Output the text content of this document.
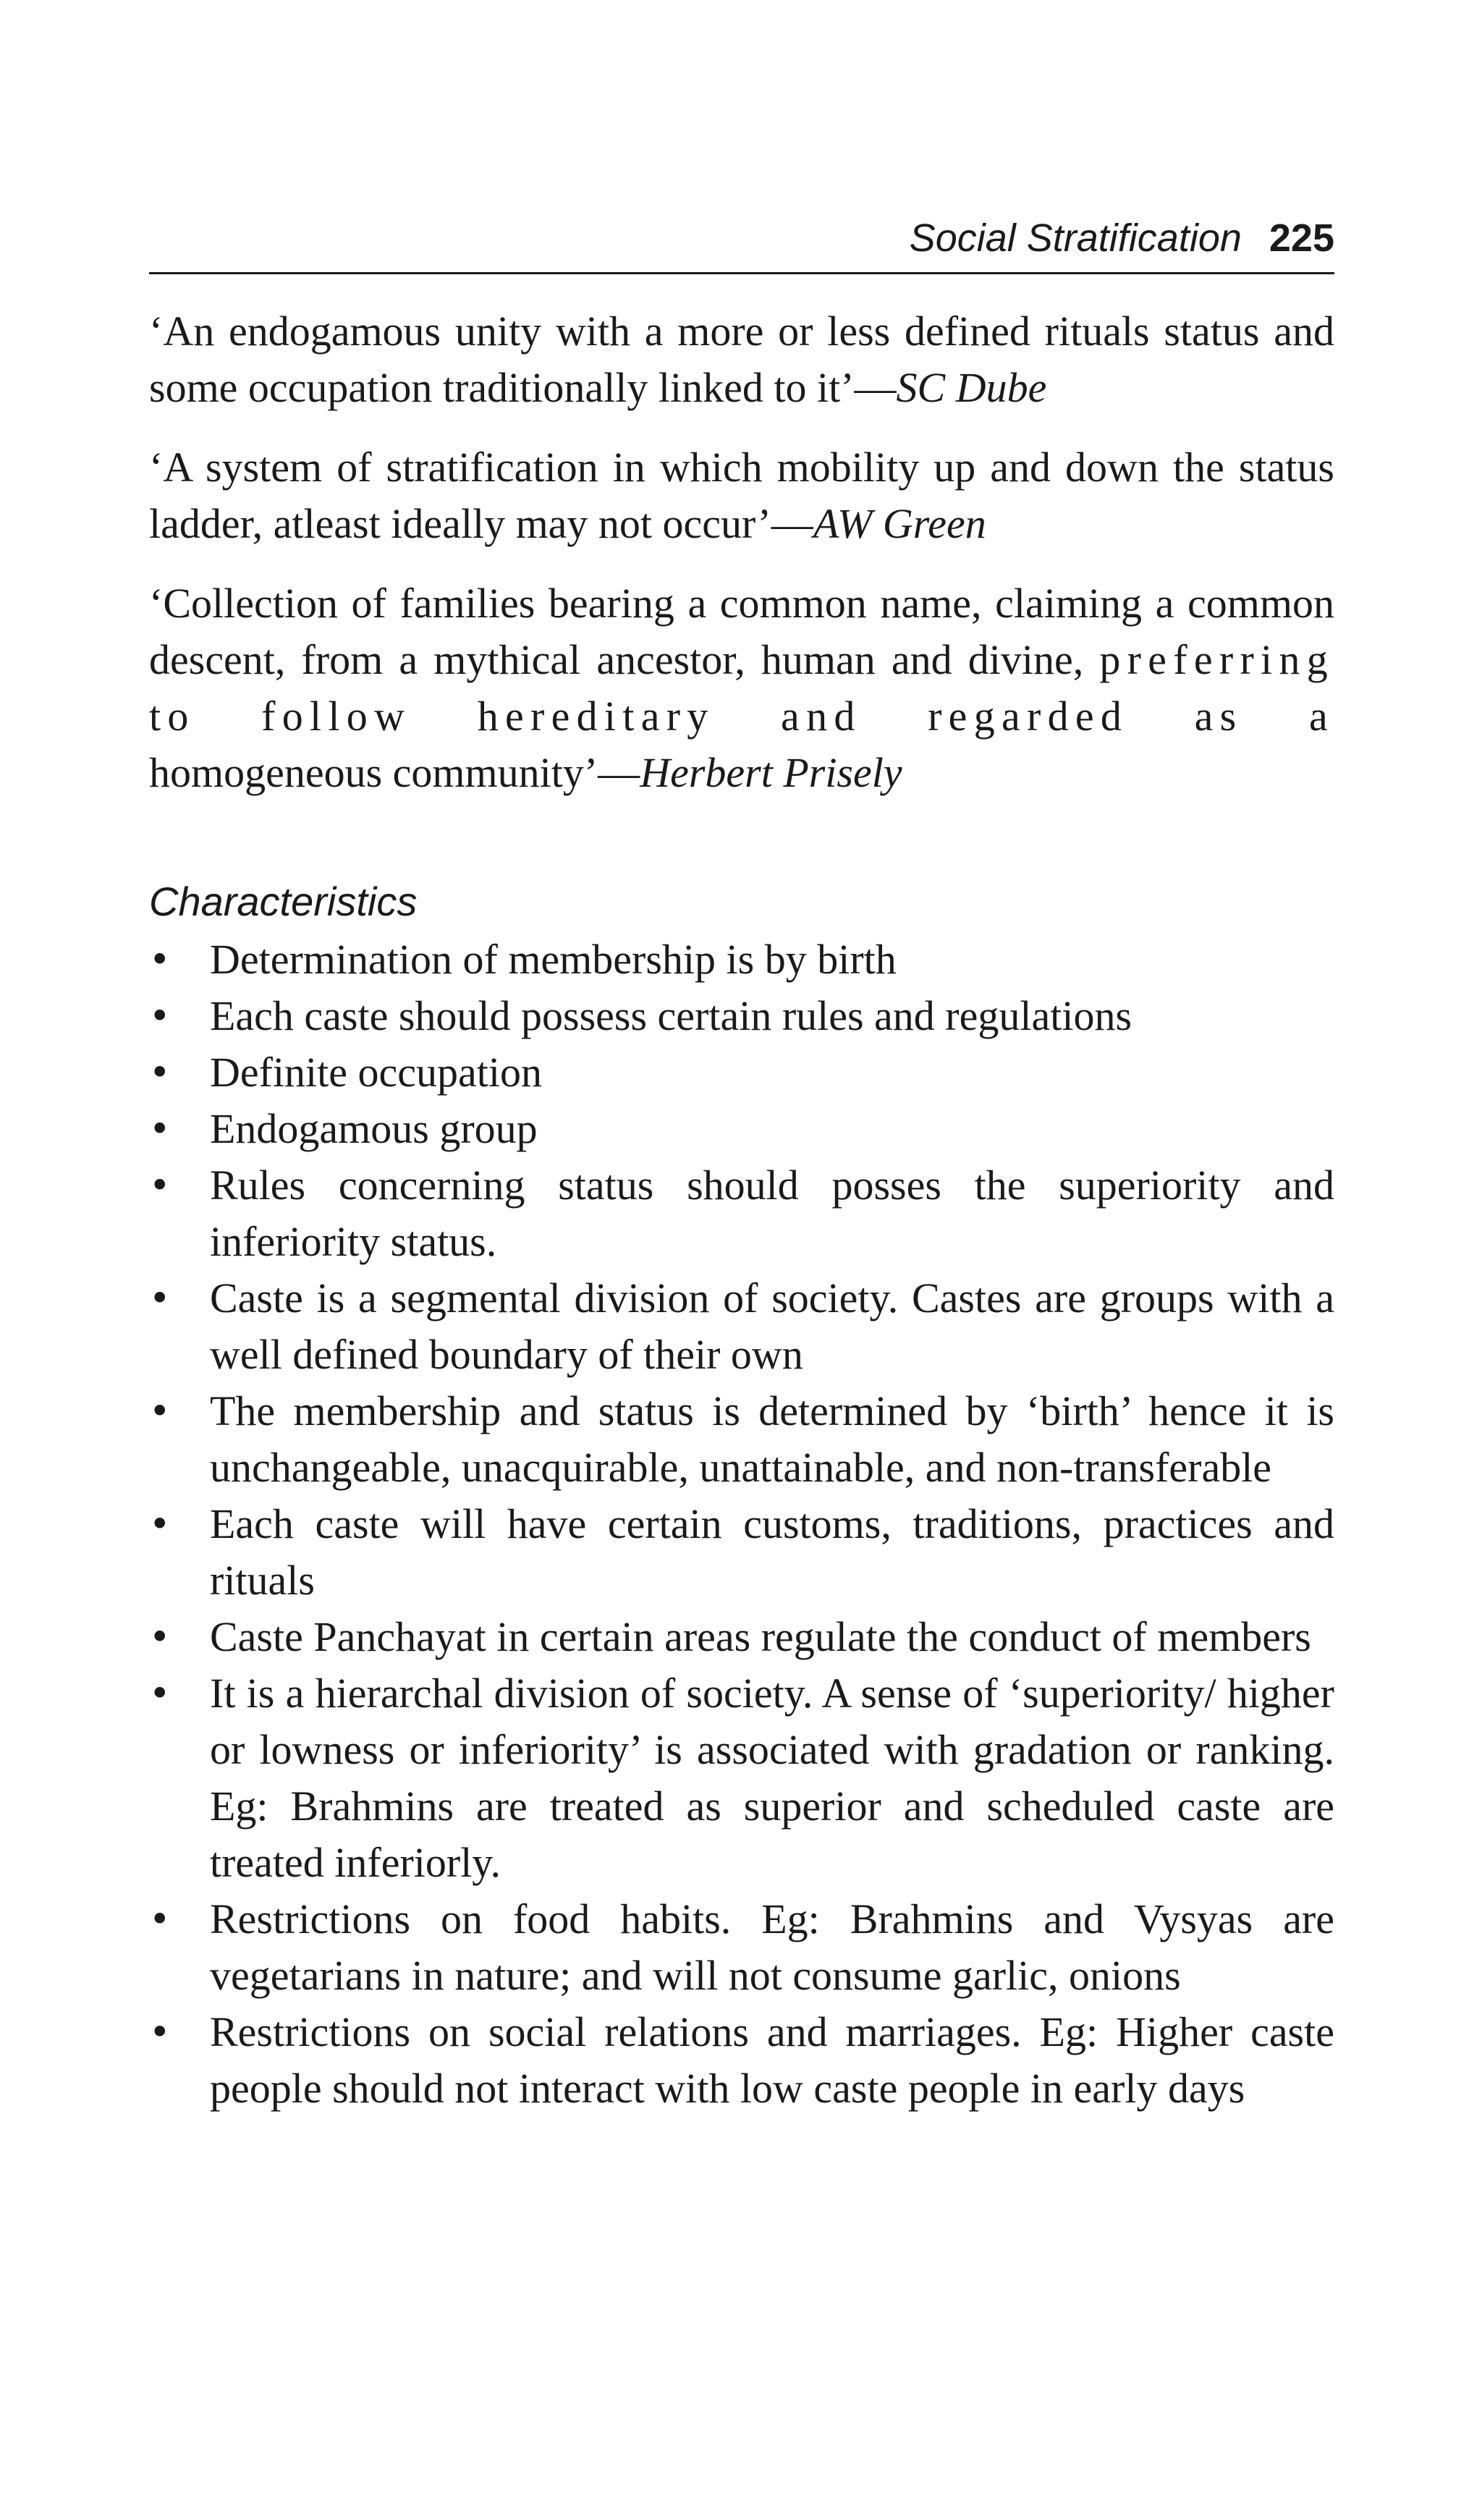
Social Stratification 225

‘An endogamous unity with a more or less defined rituals status and some occupation traditionally linked to it’—SC Dube

‘A system of stratification in which mobility up and down the status ladder, atleast ideally may not occur’—AW Green

‘Collection of families bearing a common name, claiming a common descent, from a mythical ancestor, human and divine, preferring to follow hereditary and regarded as a homogeneous community’—Herbert Prisely

Characteristics
• Determination of membership is by birth
• Each caste should possess certain rules and regulations
• Definite occupation
• Endogamous group
• Rules concerning status should posses the superiority and inferiority status.
• Caste is a segmental division of society. Castes are groups with a well defined boundary of their own
• The membership and status is determined by ‘birth’ hence it is unchangeable, unacquirable, unattainable, and non-transferable
• Each caste will have certain customs, traditions, practices and rituals
• Caste Panchayat in certain areas regulate the conduct of members
• It is a hierarchal division of society. A sense of ‘superiority/ higher or lowness or inferiority’ is associated with gradation or ranking. Eg: Brahmins are treated as superior and scheduled caste are treated inferiorly.
• Restrictions on food habits. Eg: Brahmins and Vysyas are vegetarians in nature; and will not consume garlic, onions
• Restrictions on social relations and marriages. Eg: Higher caste people should not interact with low caste people in early days
